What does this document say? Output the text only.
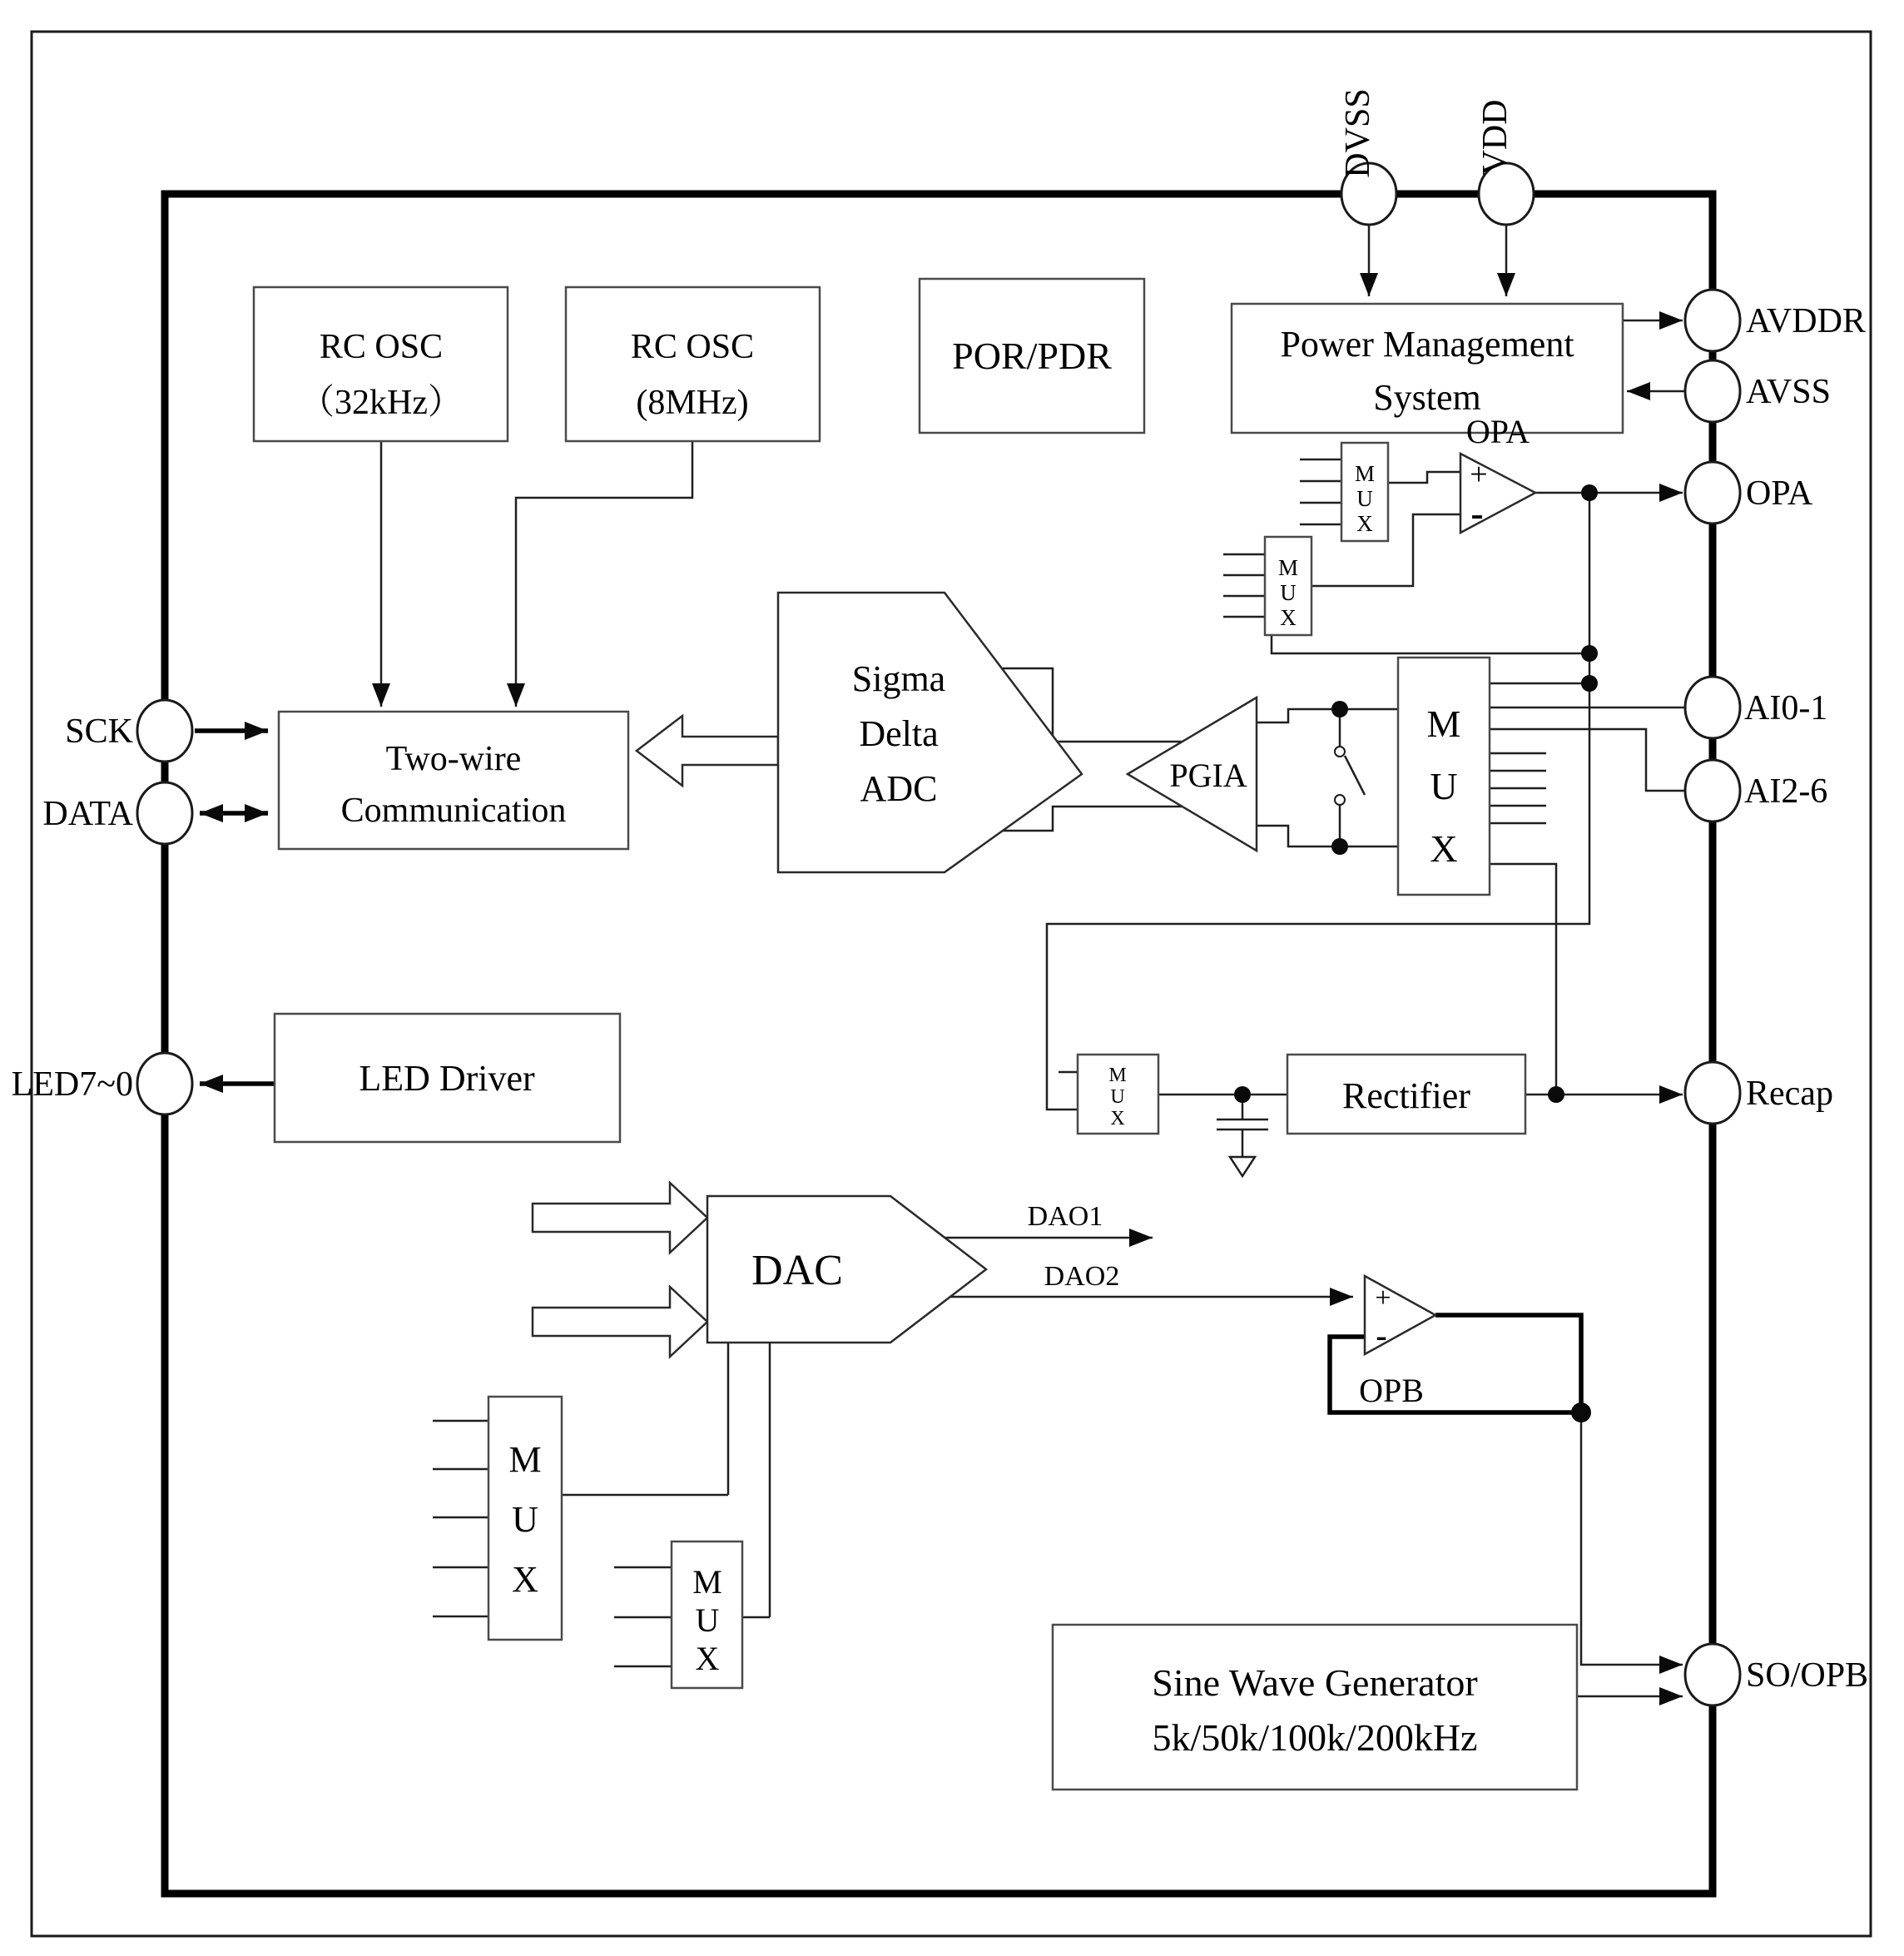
DVSS	VDD
AVDDR
AVSS
OPA
AI0-1
AI2-6
Recap
SO/OPB
SCK
DATA
LED7~0
RC OSC
（32kHz）
RC OSC
(8MHz)
POR/PDR	Power Management
System
Two-wire
Communication
Sigma
Delta
ADC	PGIA
LED Driver	Rectifier
DAC
Sine Wave Generator
5k/50k/100k/200kHz
M
U
X
M
U
X
M
U
X
M
U
X
M
U
X	M
U
X
DAO1
DAO2
OPA
OPB
+
-
+
-
